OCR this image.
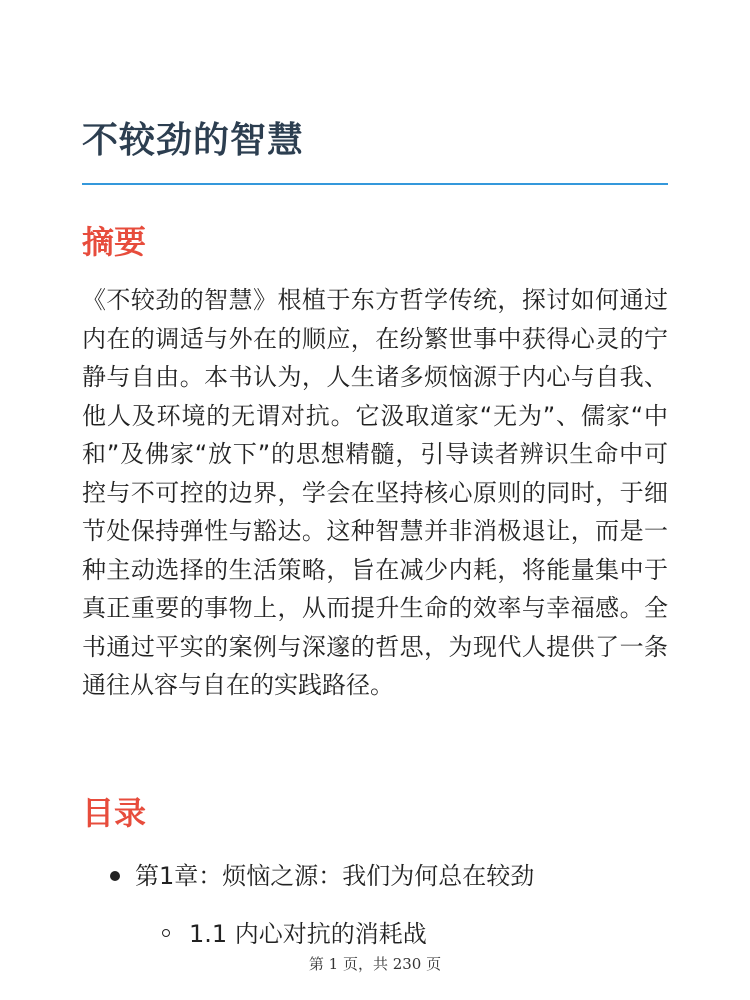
不较劲的智慧
摘要

《不较劲的智慧》根植于东方哲学传统，探讨如何通过内在的调适与外在的顺应，在纷繁世事中获得心灵的宁静与自由。本书认为，人生诸多烦恼源于内心与自我、他人及环境的无谓对抗。它汲取道家“无为”、儒家“中和”及佛家“放下”的思想精髓，引导读者辨识生命中可控与不可控的边界，学会在坚持核心原则的同时，于细节处保持弹性与豁达。这种智慧并非消极退让，而是一种主动选择的生活策略，旨在减少内耗，将能量集中于真正重要的事物上，从而提升生命的效率与幸福感。全书通过平实的案例与深邃的哲思，为现代人提供了一条通往从容与自在的实践路径。

目录
第1章：烦恼之源：我们为何总在较劲
1.1 内心对抗的消耗战
第 1 页，共 230 页
